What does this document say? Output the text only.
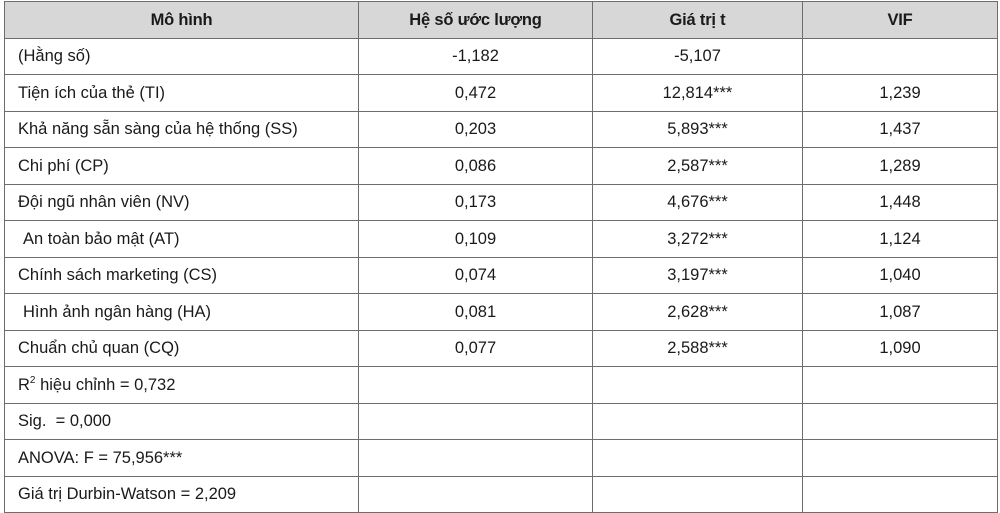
Mô hình	Hệ số ước lượng	Giá trị t	VIF
(Hằng số)	-1,182	-5,107	
Tiện ích của thẻ (TI)	0,472	12,814***	1,239
Khả năng sẵn sàng của hệ thống (SS)	0,203	5,893***	1,437
Chi phí (CP)	0,086	2,587***	1,289
Đội ngũ nhân viên (NV)	0,173	4,676***	1,448
An toàn bảo mật (AT)	0,109	3,272***	1,124
Chính sách marketing (CS)	0,074	3,197***	1,040
Hình ảnh ngân hàng (HA)	0,081	2,628***	1,087
Chuẩn chủ quan (CQ)	0,077	2,588***	1,090
$R^2$ hiệu chỉnh = 0,732			
Sig.  = 0,000			
ANOVA: F = 75,956***			
Giá trị Durbin-Watson = 2,209			
